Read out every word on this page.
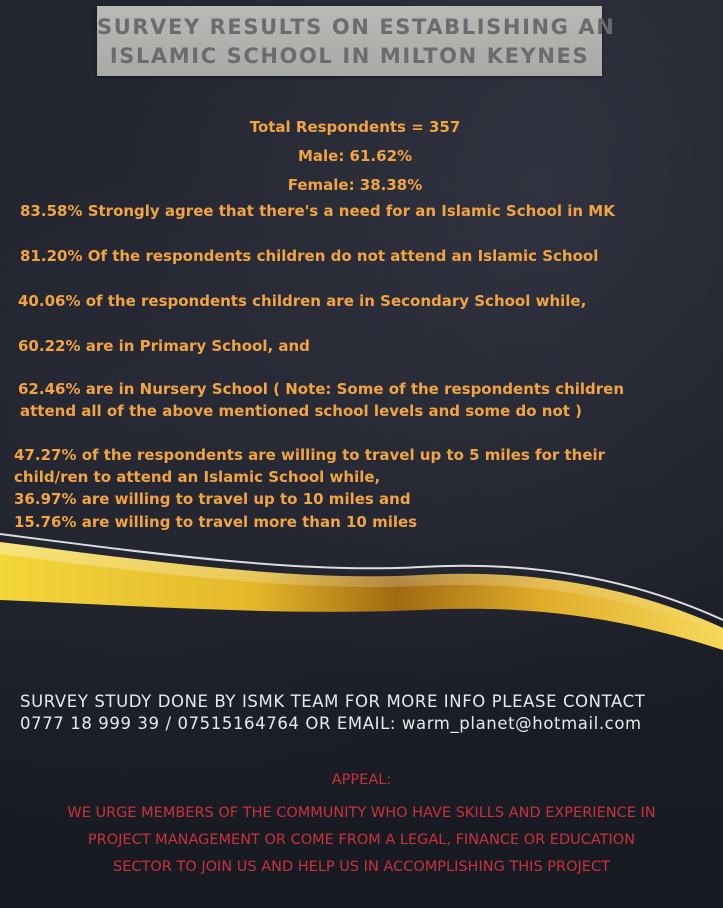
SURVEY RESULTS ON ESTABLISHING AN
ISLAMIC SCHOOL IN MILTON KEYNES
Total Respondents = 357
Male: 61.62%
Female: 38.38%
83.58% Strongly agree that there's a need for an Islamic School in MK
81.20% Of the respondents children do not attend an Islamic School
40.06% of the respondents children are in Secondary School while,
60.22% are in Primary School, and
62.46% are in Nursery School ( Note: Some of the respondents children
attend all of the above mentioned school levels and some do not )
47.27% of the respondents are willing to travel up to 5 miles for their
child/ren to attend an Islamic School while,
36.97% are willing to travel up to 10 miles and
15.76% are willing to travel more than 10 miles
SURVEY STUDY DONE BY ISMK TEAM FOR MORE INFO PLEASE CONTACT
0777 18 999 39 / 07515164764 OR EMAIL: warm_planet@hotmail.com
APPEAL:
WE URGE MEMBERS OF THE COMMUNITY WHO HAVE SKILLS AND EXPERIENCE IN
PROJECT MANAGEMENT OR COME FROM A LEGAL, FINANCE OR EDUCATION
SECTOR TO JOIN US AND HELP US IN ACCOMPLISHING THIS PROJECT
